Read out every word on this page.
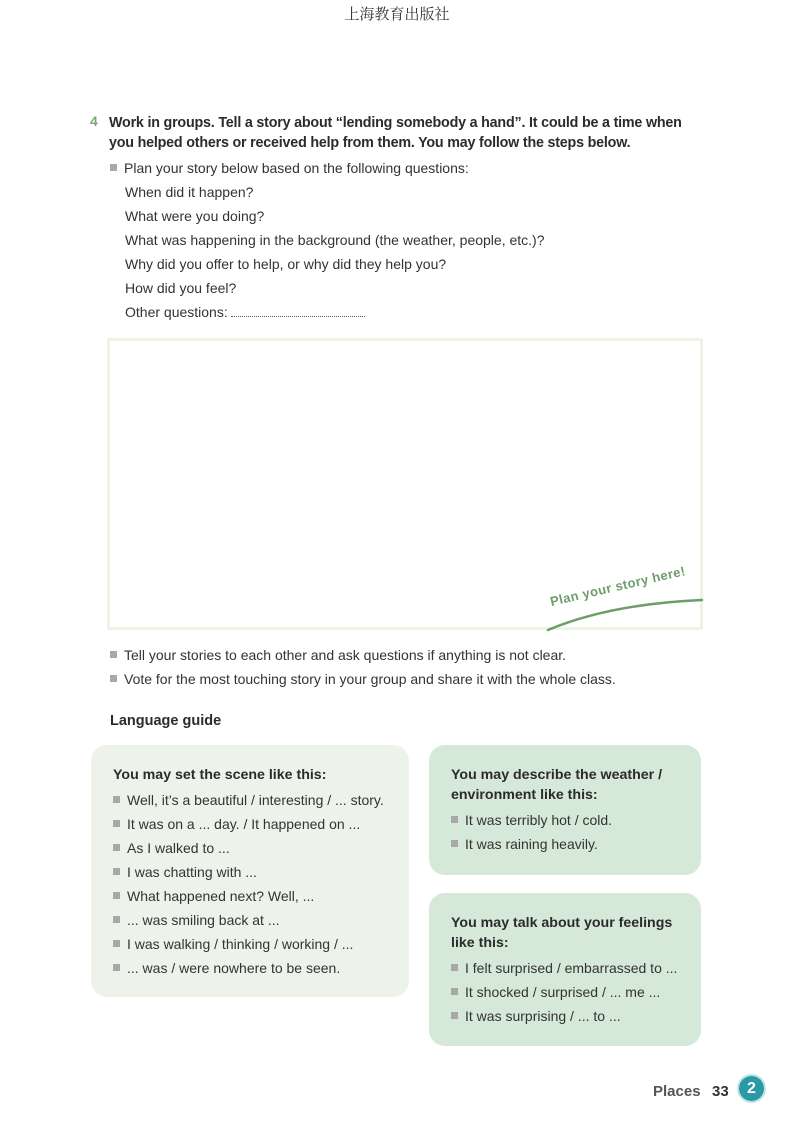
上海教育出版社
4 Work in groups. Tell a story about “lending somebody a hand”. It could be a time when you helped others or received help from them. You may follow the steps below.
Plan your story below based on the following questions:
When did it happen?
What were you doing?
What was happening in the background (the weather, people, etc.)?
Why did you offer to help, or why did they help you?
How did you feel?
Other questions:
Plan your story here!
Tell your stories to each other and ask questions if anything is not clear.
Vote for the most touching story in your group and share it with the whole class.
Language guide
You may set the scene like this:
Well, it’s a beautiful / interesting / ... story.
It was on a ... day. / It happened on ...
As I walked to ...
I was chatting with ...
What happened next? Well, ...
... was smiling back at ...
I was walking / thinking / working / ...
... was / were nowhere to be seen.
You may describe the weather /
environment like this:
It was terribly hot / cold.
It was raining heavily.
You may talk about your feelings
like this:
I felt surprised / embarrassed to ...
It shocked / surprised / ... me ...
It was surprising / ... to ...
Places 33	2
